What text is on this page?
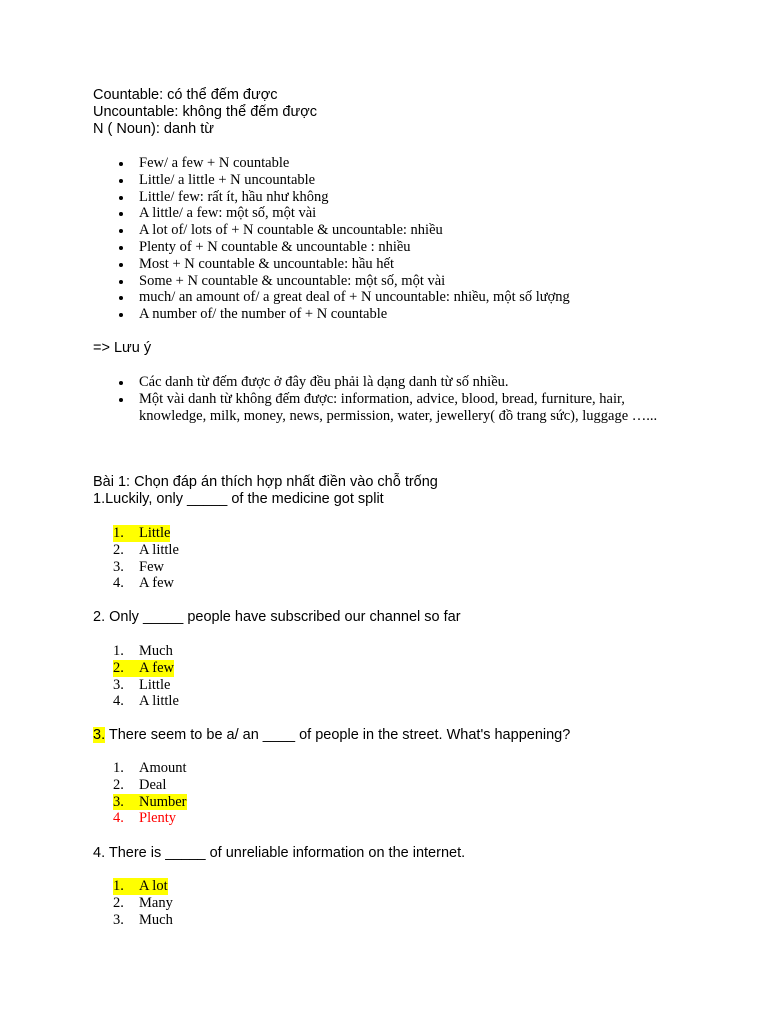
Countable: có thể đếm được

Uncountable: không thể đếm được

N ( Noun): danh từ

Few/ a few + N countable
Little/ a little + N uncountable
Little/ few: rất ít, hầu như không
A little/ a few: một số, một vài
A lot of/ lots of + N countable & uncountable: nhiều
Plenty of + N countable & uncountable : nhiều
Most + N countable & uncountable: hầu hết
Some + N countable & uncountable: một số, một vài
much/ an amount of/ a great deal of + N uncountable: nhiều, một số lượng
A number of/ the number of + N countable

=> Lưu ý

Các danh từ đếm được ở đây đều phải là dạng danh từ số nhiều.
Một vài danh từ không đếm được: information, advice, blood, bread, furniture, hair, knowledge, milk, money, news, permission, water, jewellery( đồ trang sức), luggage …...

Bài 1: Chọn đáp án thích hợp nhất điền vào chỗ trống

1.Luckily, only _____ of the medicine got split

1.	Little
2.	A little
3.	Few
4.	A few

2. Only _____ people have subscribed our channel so far

1.	Much
2.	A few
3.	Little
4.	A little

3. There seem to be a/ an ____ of people in the street. What's happening?

1.	Amount
2.	Deal
3.	Number
4.	Plenty

4. There is _____ of unreliable information on the internet.

1.	A lot
2.	Many
3.	Much
